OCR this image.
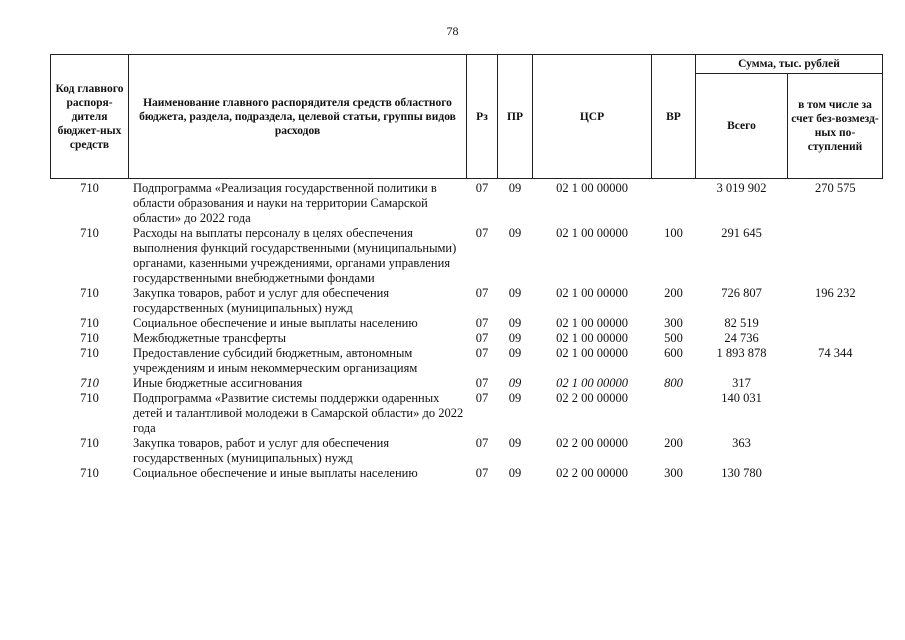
78
Код главного распоря-дителя бюджет-ных средств	Наименование главного распорядителя средств областного бюджета, раздела, подраздела, целевой статьи, группы видов расходов	Рз	ПР	ЦСР	ВР	Сумма, тыс. рублей	
						Всего	в том числе за счет без-возмезд-ных по-ступлений
710	Подпрограмма «Реализация государственной политики в области образования и науки на территории Самарской области» до 2022 года	07	09	02 1 00 00000		3 019 902	270 575
710	Расходы на выплаты персоналу в целях обеспечения выполнения функций государственными (муниципальными) органами, казенными учреждениями, органами управления государственными внебюджетными фондами	07	09	02 1 00 00000	100	291 645	
710	Закупка товаров, работ и услуг для обеспечения государственных (муниципальных) нужд	07	09	02 1 00 00000	200	726 807	196 232
710	Социальное обеспечение и иные выплаты населению	07	09	02 1 00 00000	300	82 519	
710	Межбюджетные трансферты	07	09	02 1 00 00000	500	24 736	
710	Предоставление субсидий бюджетным, автономным учреждениям и иным некоммерческим организациям	07	09	02 1 00 00000	600	1 893 878	74 344
710	Иные бюджетные ассигнования	07	09	02 1 00 00000	800	317	
710	Подпрограмма «Развитие системы поддержки одаренных детей и талантливой молодежи в Самарской области» до 2022 года	07	09	02 2 00 00000		140 031	
710	Закупка товаров, работ и услуг для обеспечения государственных (муниципальных) нужд	07	09	02 2 00 00000	200	363	
710	Социальное обеспечение и иные выплаты населению	07	09	02 2 00 00000	300	130 780	
